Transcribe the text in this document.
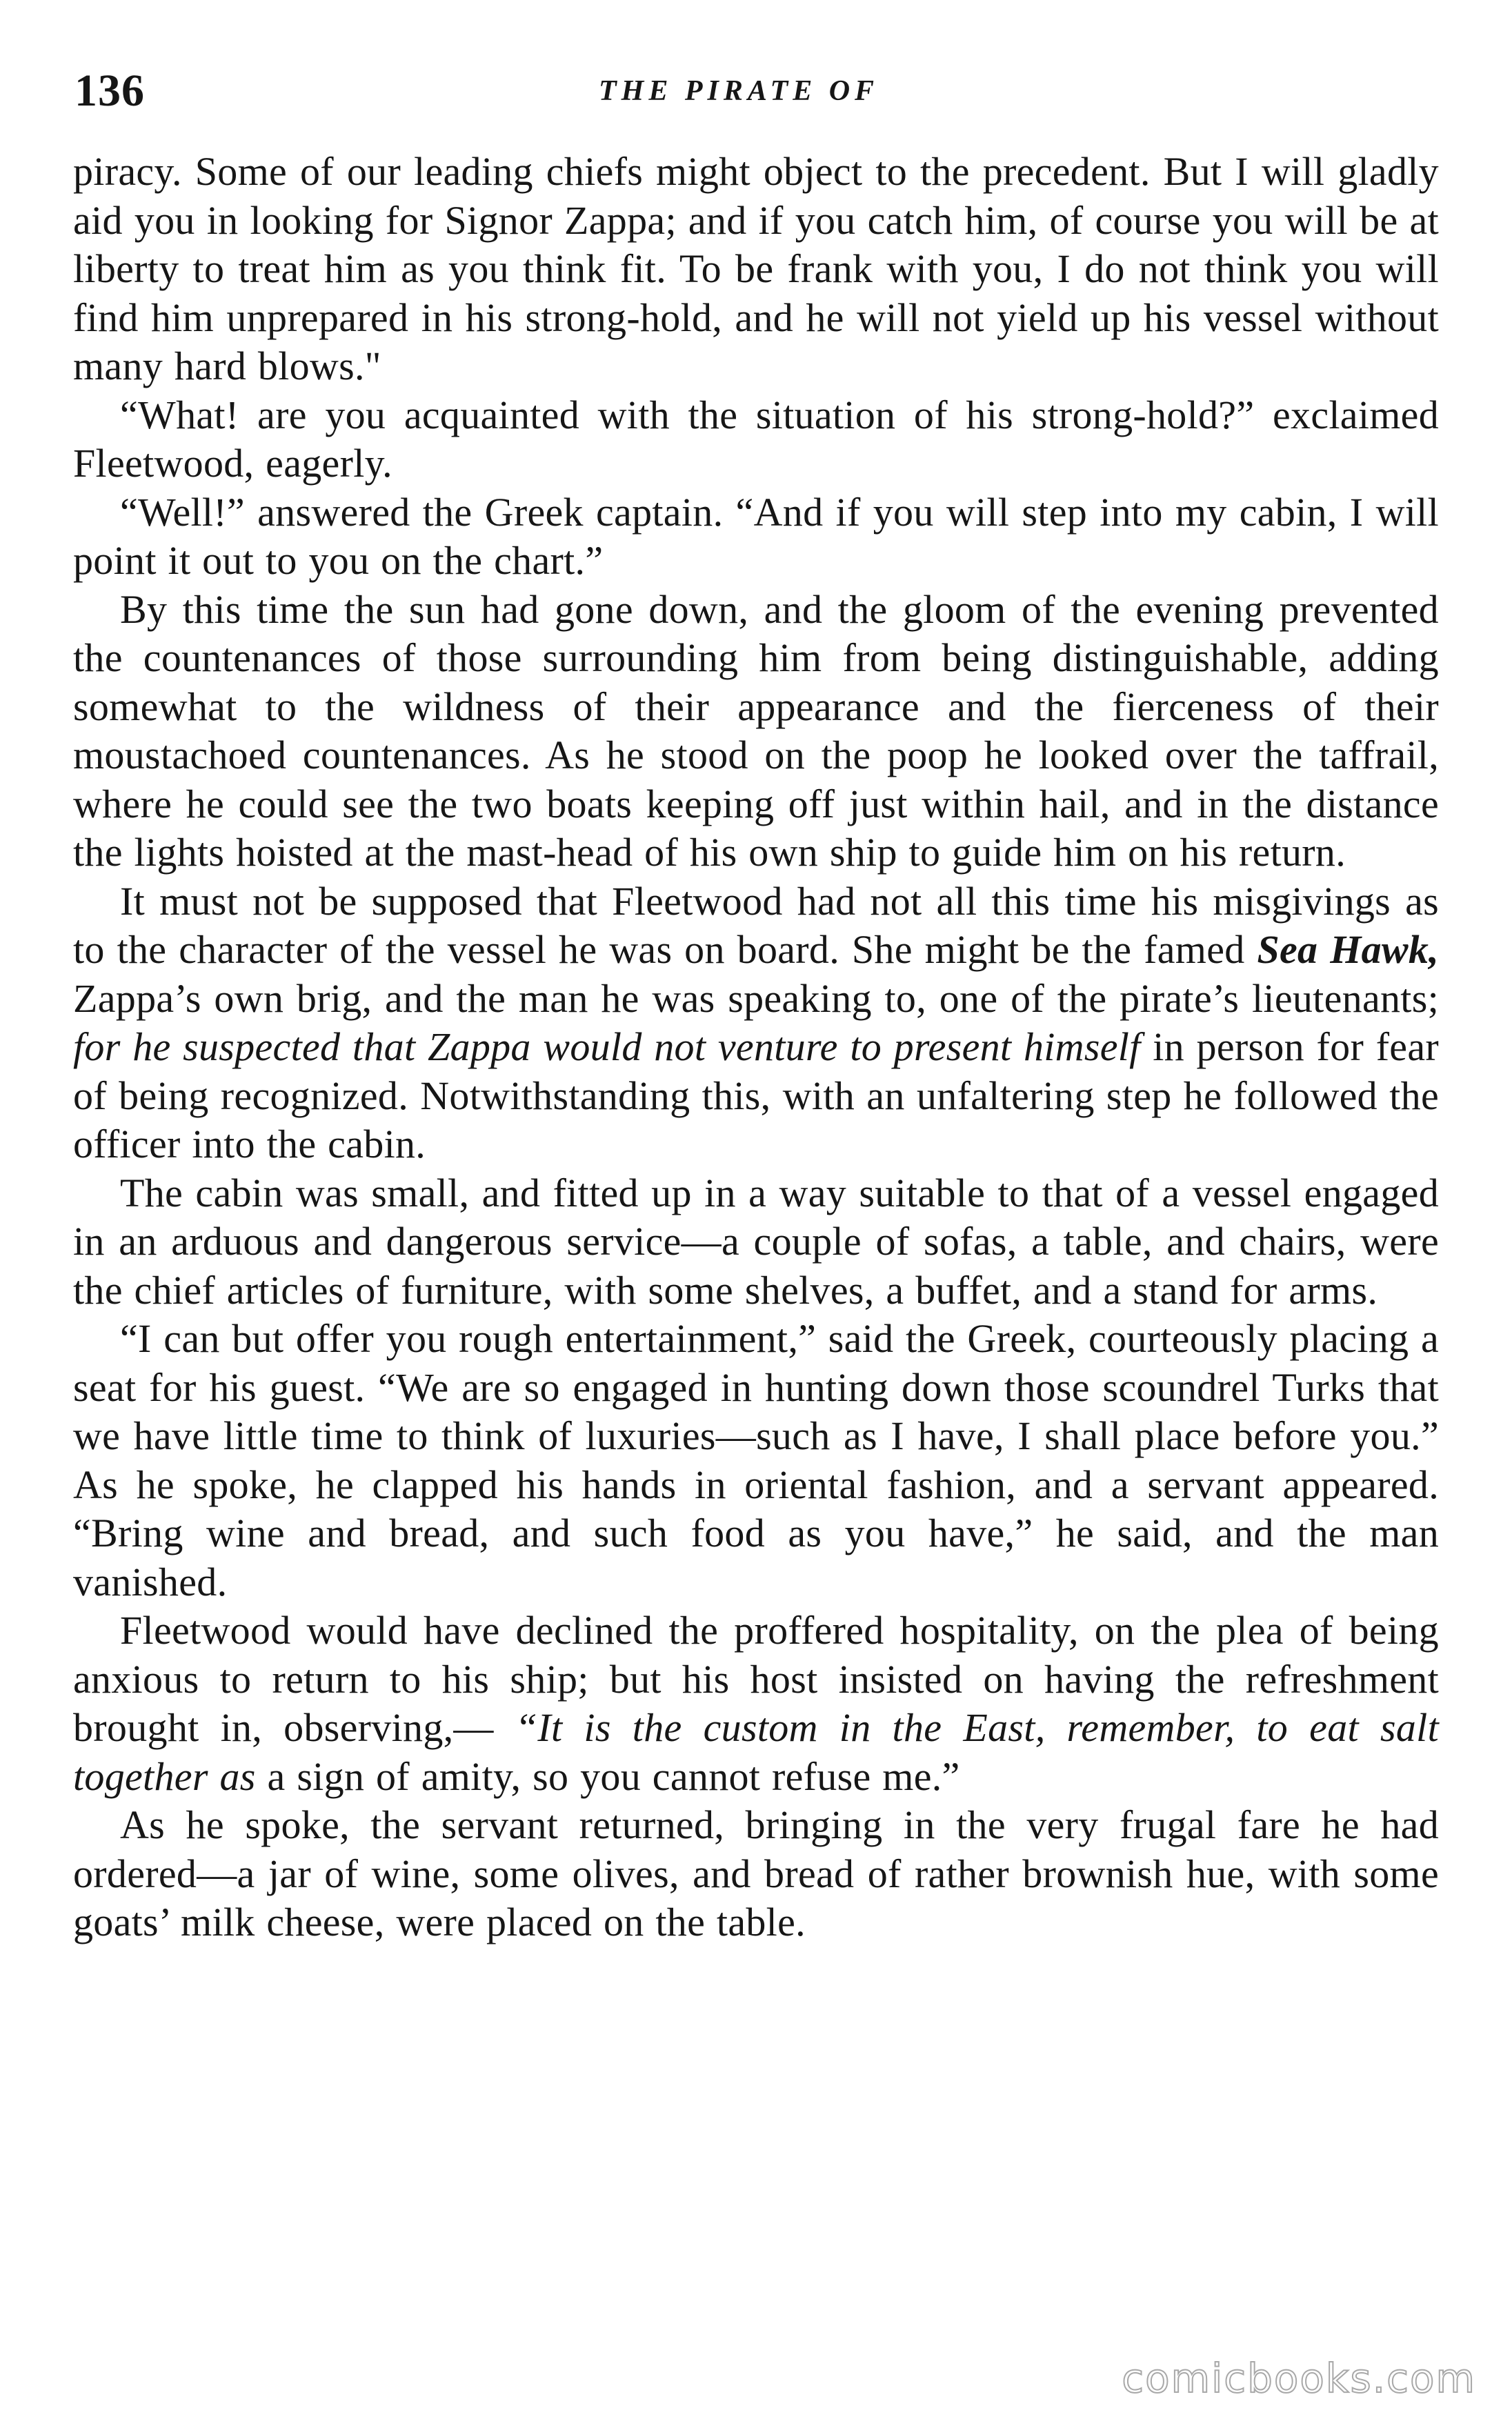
136	THE PIRATE OF

piracy. Some of our leading chiefs might object to the precedent. But I will gladly aid you in looking for Signor Zappa; and if you catch him, of course you will be at liberty to treat him as you think fit. To be frank with you, I do not think you will find him unprepared in his strong-hold, and he will not yield up his vessel without many hard blows."

“What! are you acquainted with the situation of his strong-hold?” exclaimed Fleetwood, eagerly.

“Well!” answered the Greek captain. “And if you will step into my cabin, I will point it out to you on the chart.”

By this time the sun had gone down, and the gloom of the evening prevented the countenances of those surrounding him from being distinguishable, adding somewhat to the wildness of their appearance and the fierceness of their moustachoed countenances. As he stood on the poop he looked over the taffrail, where he could see the two boats keeping off just within hail, and in the distance the lights hoisted at the mast-head of his own ship to guide him on his return.

It must not be supposed that Fleetwood had not all this time his misgivings as to the character of the vessel he was on board. She might be the famed Sea Hawk, Zappa’s own brig, and the man he was speaking to, one of the pirate’s lieutenants; for he suspected that Zappa would not venture to present himself in person for fear of being recognized. Notwithstanding this, with an unfaltering step he followed the officer into the cabin.

The cabin was small, and fitted up in a way suitable to that of a vessel engaged in an arduous and dangerous service—a couple of sofas, a table, and chairs, were the chief articles of furniture, with some shelves, a buffet, and a stand for arms.

“I can but offer you rough entertainment,” said the Greek, courteously placing a seat for his guest. “We are so engaged in hunting down those scoundrel Turks that we have little time to think of luxuries—such as I have, I shall place before you.” As he spoke, he clapped his hands in oriental fashion, and a servant appeared. “Bring wine and bread, and such food as you have,” he said, and the man vanished.

Fleetwood would have declined the proffered hospitality, on the plea of being anxious to return to his ship; but his host insisted on having the refreshment brought in, observing,— “It is the custom in the East, remember, to eat salt together as a sign of amity, so you cannot refuse me.”

As he spoke, the servant returned, bringing in the very frugal fare he had ordered—a jar of wine, some olives, and bread of rather brownish hue, with some goats’ milk cheese, were placed on the table.

comicbooks.com
